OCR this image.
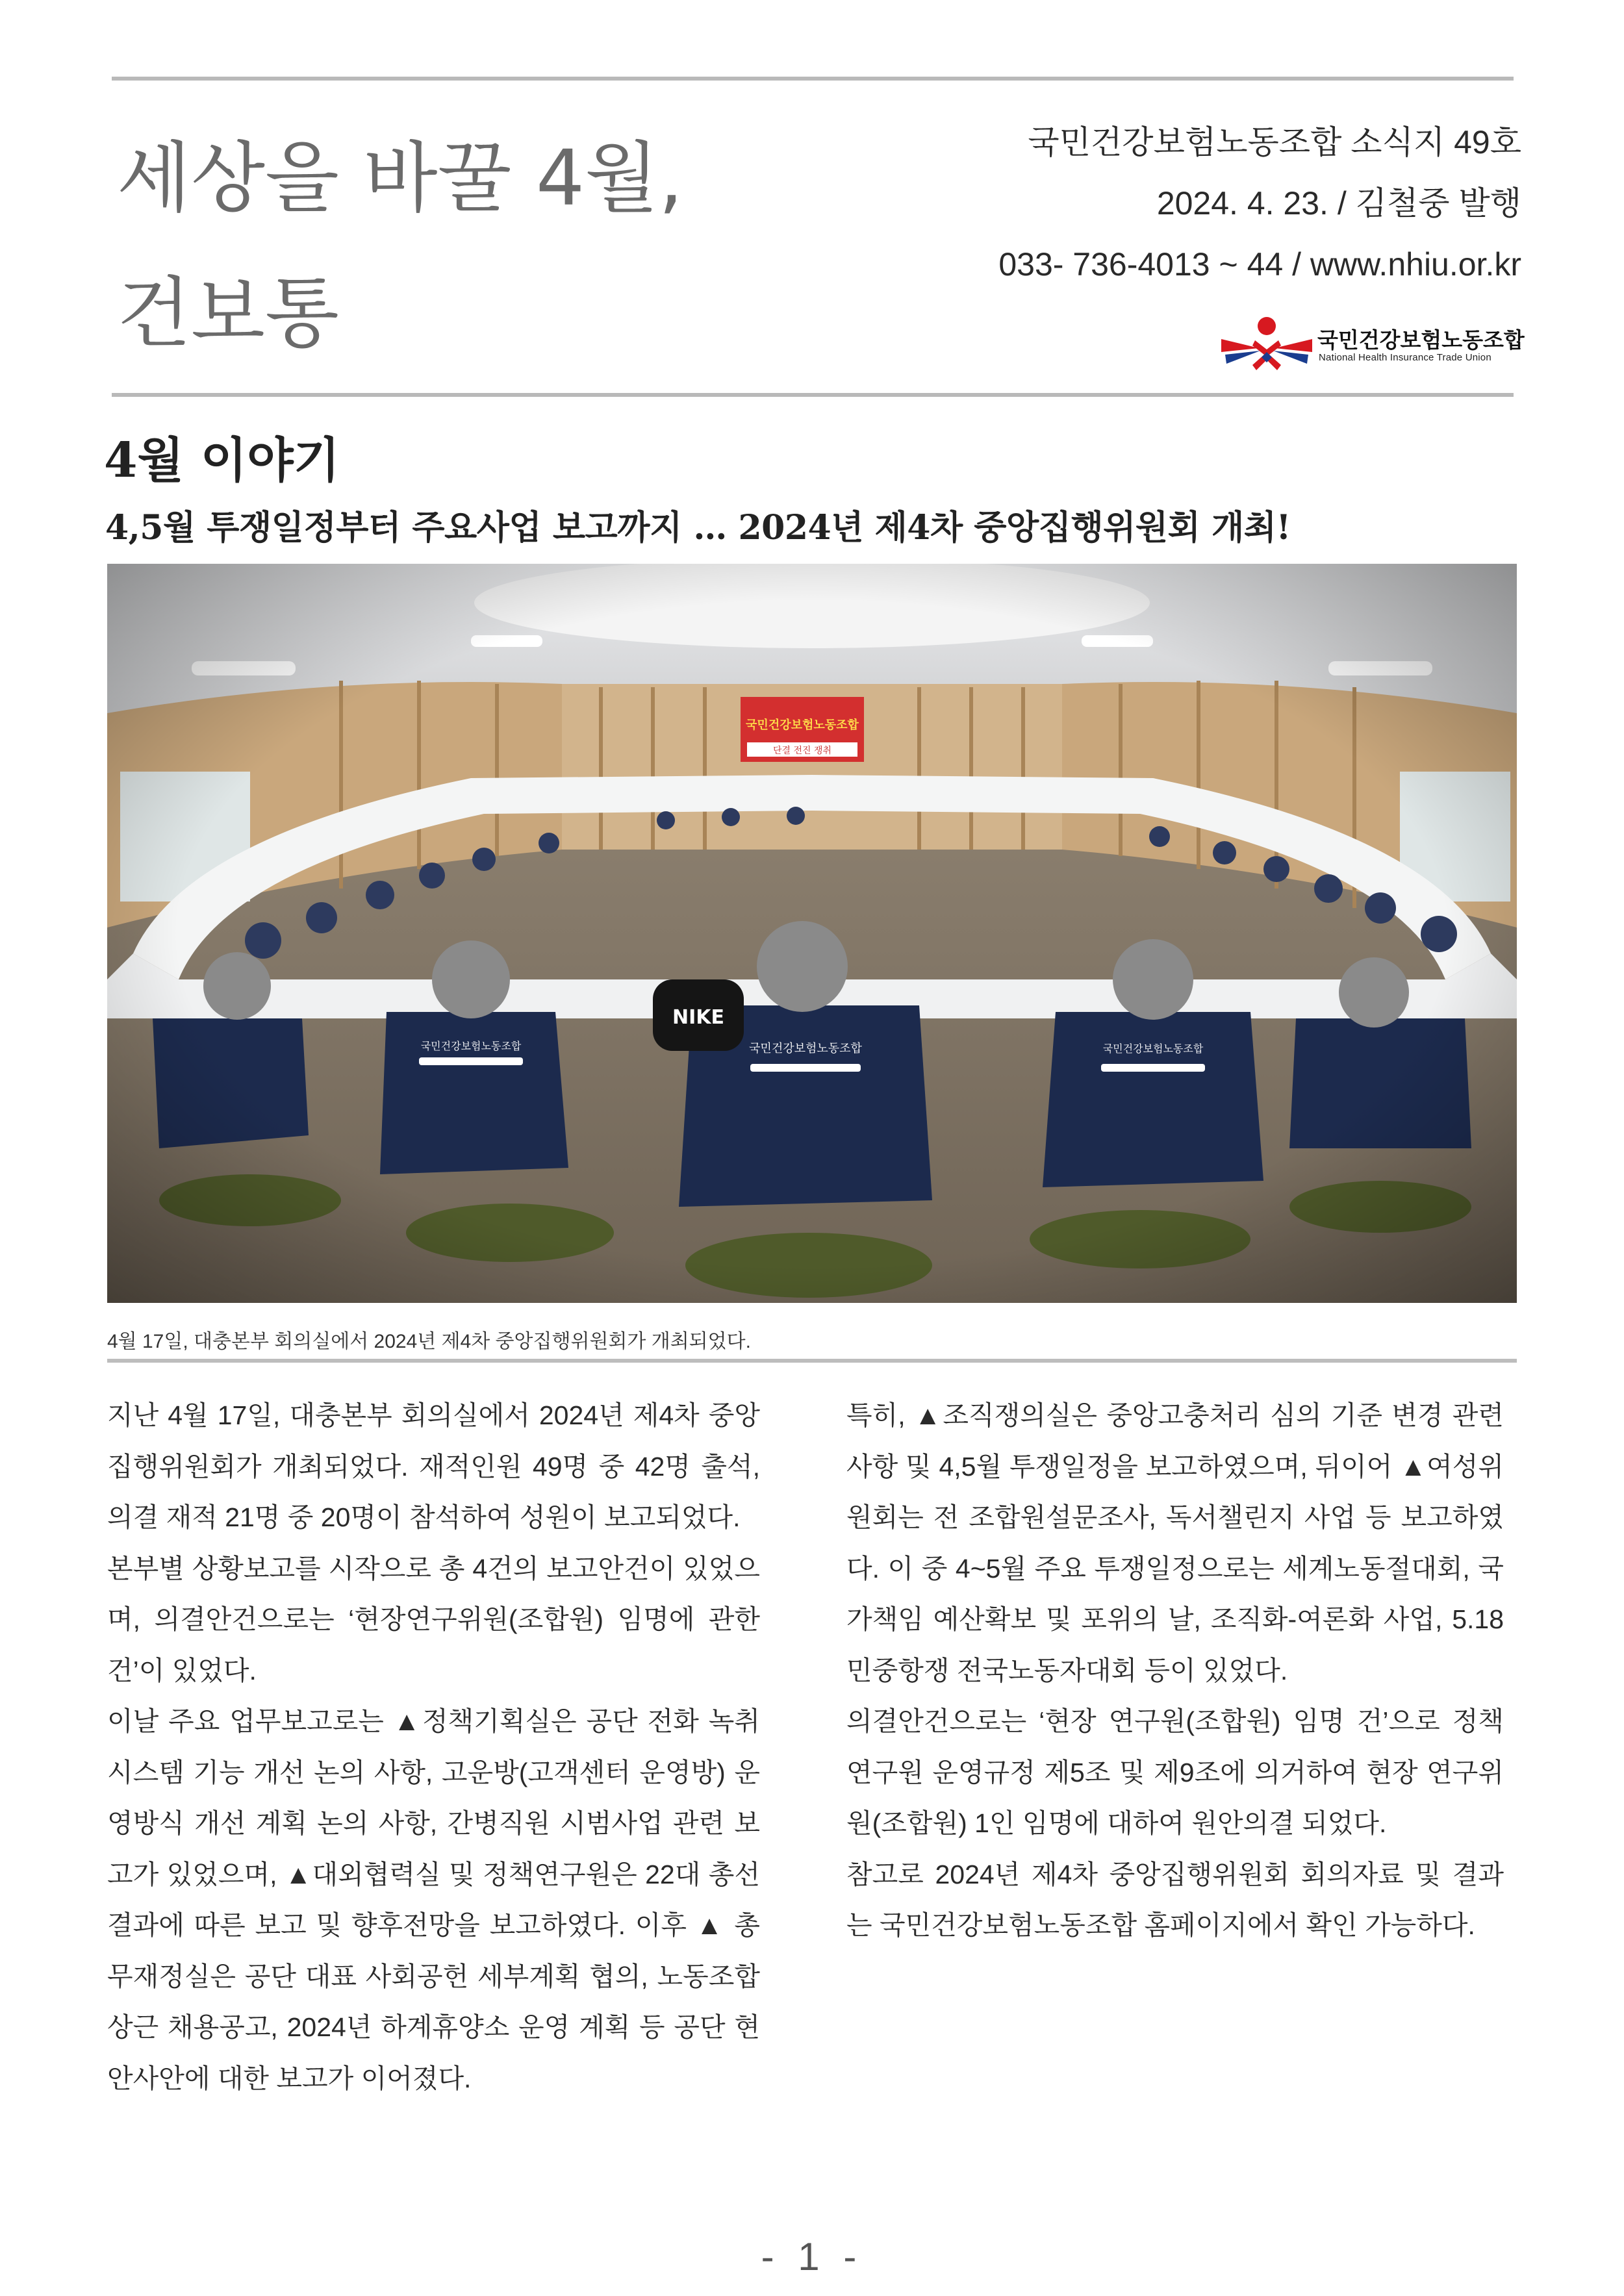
세상을 바꿀 4월,
건보통
국민건강보험노동조합 소식지 49호
2024. 4. 23. / 김철중 발행
033- 736-4013 ~ 44 / www.nhiu.or.kr
국민건강보험노동조합
National Health Insurance Trade Union
4월 이야기
4,5월 투쟁일정부터 주요사업 보고까지 … 2024년 제4차 중앙집행위원회 개최!
4월 17일, 대충본부 회의실에서 2024년 제4차 중앙집행위원회가 개최되었다.

지난 4월 17일, 대충본부 회의실에서 2024년 제4차 중앙집행위원회가 개최되었다. 재적인원 49명 중 42명 출석, 의결 재적 21명 중 20명이 참석하여 성원이 보고되었다.

본부별 상황보고를 시작으로 총 4건의 보고안건이 있었으며, 의결안건으로는 ‘현장연구위원(조합원) 임명에 관한 건’이 있었다.

이날 주요 업무보고로는 ▲정책기획실은 공단 전화 녹취시스템 기능 개선 논의 사항, 고운방(고객센터 운영방) 운영방식 개선 계획 논의 사항, 간병직원 시범사업 관련 보고가 있었으며, ▲대외협력실 및 정책연구원은 22대 총선결과에 따른 보고 및 향후전망을 보고하였다. 이후 ▲ 총무재정실은 공단 대표 사회공헌 세부계획 협의, 노동조합 상근 채용공고, 2024년 하계휴양소 운영 계획 등 공단 현안사안에 대한 보고가 이어졌다.

특히, ▲조직쟁의실은 중앙고충처리 심의 기준 변경 관련 사항 및 4,5월 투쟁일정을 보고하였으며, 뒤이어 ▲여성위원회는 전 조합원설문조사, 독서챌린지 사업 등 보고하였다. 이 중 4~5월 주요 투쟁일정으로는 세계노동절대회, 국가책임 예산확보 및 포위의 날, 조직화-여론화 사업, 5.18민중항쟁 전국노동자대회 등이 있었다.

의결안건으로는 ‘현장 연구원(조합원) 임명 건’으로 정책연구원 운영규정 제5조 및 제9조에 의거하여 현장 연구위원(조합원) 1인 임명에 대하여 원안의결 되었다.

참고로 2024년 제4차 중앙집행위원회 회의자료 및 결과는 국민건강보험노동조합 홈페이지에서 확인 가능하다.

- 1 -
